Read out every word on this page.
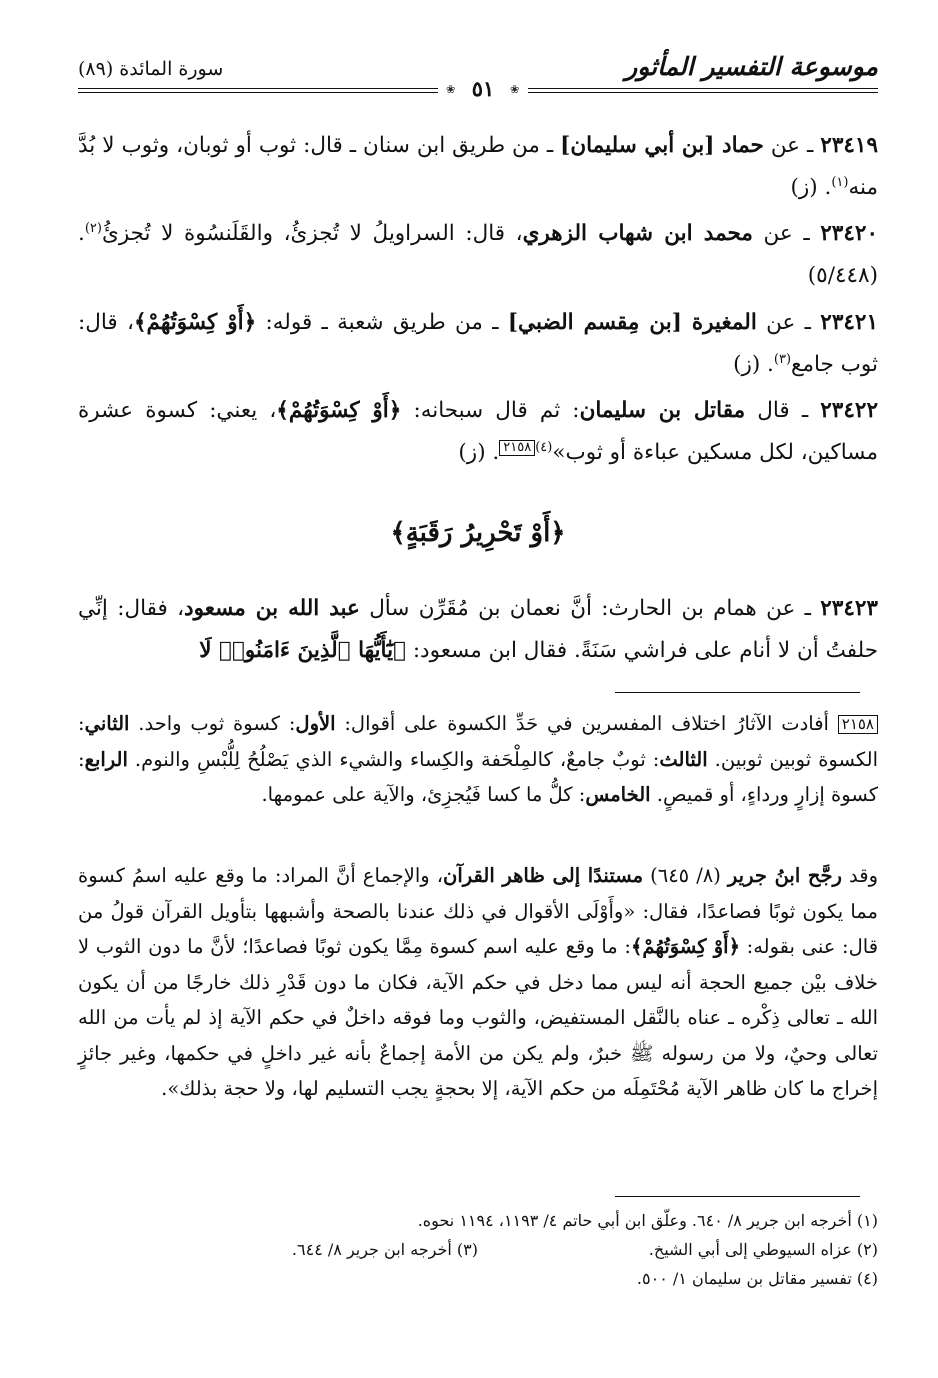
موسوعة التفسير المأثور
سورة المائدة (٨٩)
❀
٥١
❀
٢٣٤١٩ ـ عن حماد [بن أبي سليمان] ـ من طريق ابن سنان ـ قال: ثوب أو ثوبان، وثوب لا بُدَّ منه$^{(١)}$. (ز)
٢٣٤٢٠ ـ عن محمد ابن شهاب الزهري، قال: السراويلُ لا تُجزئُ، والقَلَنسُوة لا تُجزئُ$^{(٢)}$. (٥/٤٤٨)
٢٣٤٢١ ـ عن المغيرة [بن مِقسم الضبي] ـ من طريق شعبة ـ قوله: ﴿أَوْ كِسْوَتُهُمْ﴾، قال: ثوب جامع$^{(٣)}$. (ز)
٢٣٤٢٢ ـ قال مقاتل بن سليمان: ثم قال سبحانه: ﴿أَوْ كِسْوَتُهُمْ﴾، يعني: كسوة عشرة مساكين، لكل مسكين عباءة أو ثوب»$^{(٤)}$٢١٥٨. (ز)
﴿أَوْ تَحْرِيرُ رَقَبَةٍ﴾
٢٣٤٢٣ ـ عن همام بن الحارث: أنَّ نعمان بن مُقَرِّن سأل عبد الله بن مسعود، فقال: إنِّي حلفتُ أن لا أنام على فراشي سَنَةً. فقال ابن مسعود: ﴿يَٰٓأَيُّهَا ٱلَّذِينَ ءَامَنُوا۟ لَا
٢١٥٨ أفادت الآثارُ اختلاف المفسرين في حَدِّ الكسوة على أقوال: الأول: كسوة ثوب واحد. الثاني: الكسوة ثوبين ثوبين. الثالث: ثوبٌ جامعٌ، كالمِلْحَفة والكِساء والشيء الذي يَصْلُحُ لِلُّبْسِ والنوم. الرابع: كسوة إزارٍ ورداءٍ، أو قميصٍ. الخامس: كلُّ ما كسا فَيُجزِئ، والآية على عمومها.
وقد رجَّح ابنُ جرير (٨/ ٦٤٥) مستندًا إلى ظاهر القرآن، والإجماع أنَّ المراد: ما وقع عليه اسمُ كسوة مما يكون ثوبًا فصاعدًا، فقال: «وأَوْلَى الأقوال في ذلك عندنا بالصحة وأشبهها بتأويل القرآن قولُ من قال: عنى بقوله: ﴿أَوْ كِسْوَتُهُمْ﴾: ما وقع عليه اسم كسوة مِمَّا يكون ثوبًا فصاعدًا؛ لأنَّ ما دون الثوب لا خلاف بيْن جميع الحجة أنه ليس مما دخل في حكم الآية، فكان ما دون قَدْرِ ذلك خارجًا من أن يكون الله ـ تعالى ذِكْره ـ عناه بالنَّقل المستفيض، والثوب وما فوقه داخلٌ في حكم الآية إذ لم يأت من الله تعالى وحيٌ، ولا من رسوله ﷺ خبرٌ، ولم يكن من الأمة إجماعٌ بأنه غير داخلٍ في حكمها، وغير جائزٍ إخراج ما كان ظاهر الآية مُحْتَمِلَه من حكم الآية، إلا بحجةٍ يجب التسليم لها، ولا حجة بذلك».
(١) أخرجه ابن جرير ٨/ ٦٤٠. وعلّق ابن أبي حاتم ٤/ ١١٩٣، ١١٩٤ نحوه.
(٢) عزاه السيوطي إلى أبي الشيخ.
(٣) أخرجه ابن جرير ٨/ ٦٤٤.
(٤) تفسير مقاتل بن سليمان ١/ ٥٠٠.
